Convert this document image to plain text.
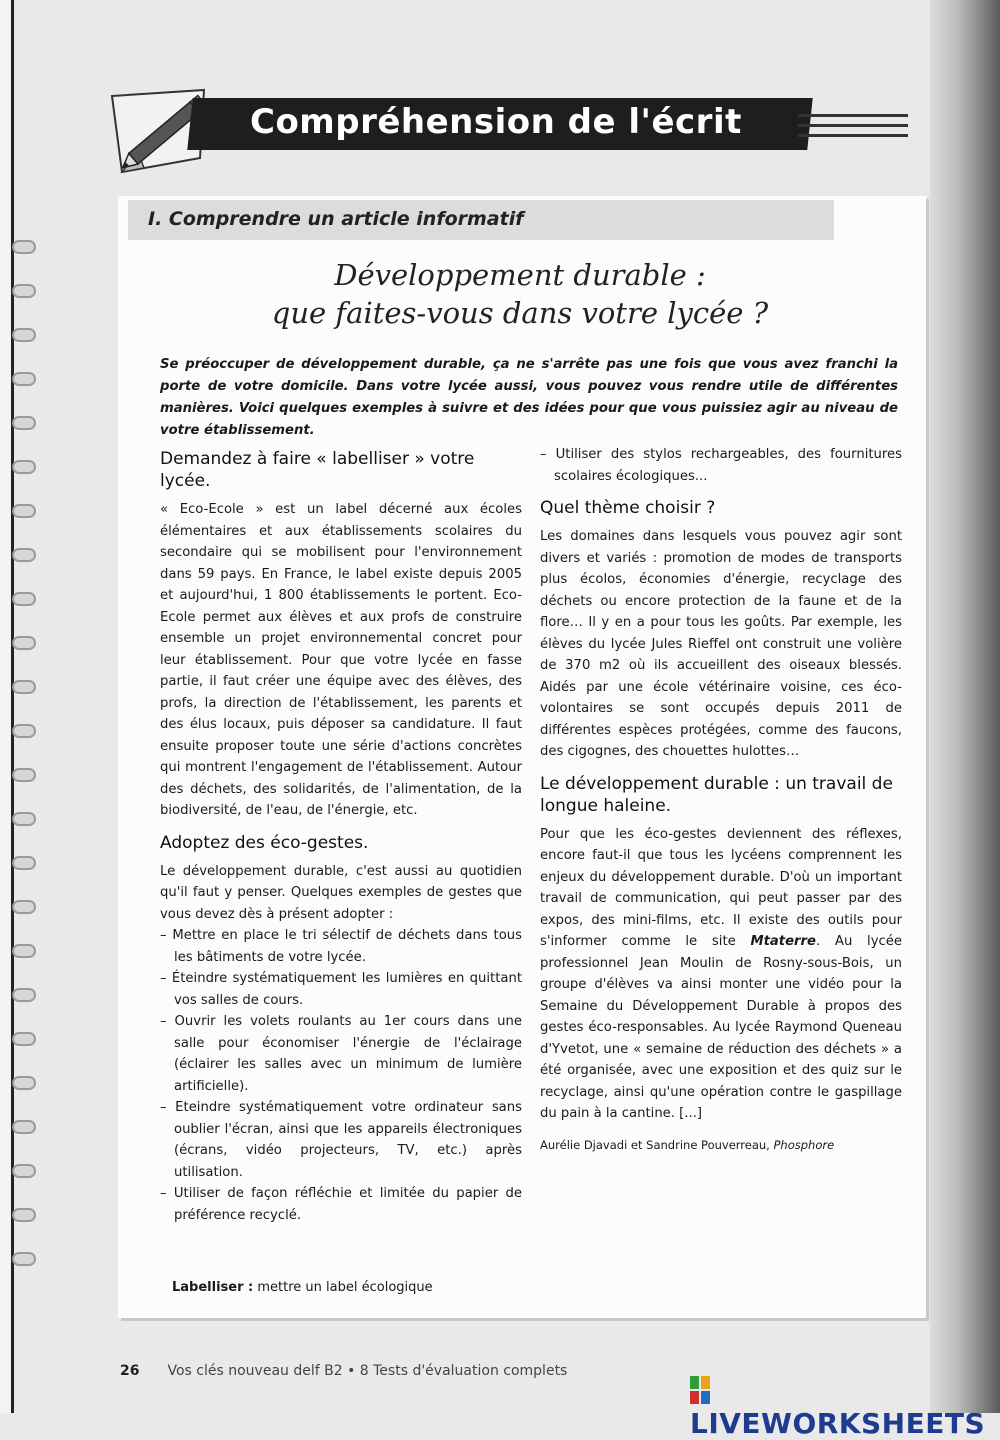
Compréhension de l'écrit
I. Comprendre un article informatif
Développement durable :
que faites-vous dans votre lycée ?
Se préoccuper de développement durable, ça ne s'arrête pas une fois que vous avez franchi la porte de votre domicile. Dans votre lycée aussi, vous pouvez vous rendre utile de différentes manières. Voici quelques exemples à suivre et des idées pour que vous puissiez agir au niveau de votre établissement.
Demandez à faire « labelliser » votre lycée.

« Eco-Ecole » est un label décerné aux écoles élémentaires et aux établissements scolaires du secondaire qui se mobilisent pour l'environnement dans 59 pays. En France, le label existe depuis 2005 et aujourd'hui, 1 800 établissements le portent. Eco-Ecole permet aux élèves et aux profs de construire ensemble un projet environnemental concret pour leur établissement. Pour que votre lycée en fasse partie, il faut créer une équipe avec des élèves, des profs, la direction de l'établissement, les parents et des élus locaux, puis déposer sa candidature. Il faut ensuite proposer toute une série d'actions concrètes qui montrent l'engagement de l'établissement. Autour des déchets, des solidarités, de l'alimentation, de la biodiversité, de l'eau, de l'énergie, etc.

Adoptez des éco-gestes.

Le développement durable, c'est aussi au quotidien qu'il faut y penser. Quelques exemples de gestes que vous devez dès à présent adopter :

– Mettre en place le tri sélectif de déchets dans tous les bâtiments de votre lycée.

– Éteindre systématiquement les lumières en quittant vos salles de cours.

– Ouvrir les volets roulants au 1er cours dans une salle pour économiser l'énergie de l'éclairage (éclairer les salles avec un minimum de lumière artificielle).

– Eteindre systématiquement votre ordinateur sans oublier l'écran, ainsi que les appareils électroniques (écrans, vidéo projecteurs, TV, etc.) après utilisation.

– Utiliser de façon réfléchie et limitée du papier de préférence recyclé.

– Utiliser des stylos rechargeables, des fournitures scolaires écologiques...

Quel thème choisir ?

Les domaines dans lesquels vous pouvez agir sont divers et variés : promotion de modes de transports plus écolos, économies d'énergie, recyclage des déchets ou encore protection de la faune et de la flore… Il y en a pour tous les goûts. Par exemple, les élèves du lycée Jules Rieffel ont construit une volière de 370 m2 où ils accueillent des oiseaux blessés. Aidés par une école vétérinaire voisine, ces éco-volontaires se sont occupés depuis 2011 de différentes espèces protégées, comme des faucons, des cigognes, des chouettes hulottes…

Le développement durable : un travail de longue haleine.

Pour que les éco-gestes deviennent des réflexes, encore faut-il que tous les lycéens comprennent les enjeux du développement durable. D'où un important travail de communication, qui peut passer par des expos, des mini-films, etc. Il existe des outils pour s'informer comme le site Mtaterre. Au lycée professionnel Jean Moulin de Rosny-sous-Bois, un groupe d'élèves va ainsi monter une vidéo pour la Semaine du Développement Durable à propos des gestes éco-responsables. Au lycée Raymond Queneau d'Yvetot, une « semaine de réduction des déchets » a été organisée, avec une exposition et des quiz sur le recyclage, ainsi qu'une opération contre le gaspillage du pain à la cantine. [...]

Aurélie Djavadi et Sandrine Pouverreau, Phosphore

Labelliser : mettre un label écologique
26 Vos clés nouveau delf B2 • 8 Tests d'évaluation complets
LIVEWORKSHEETS
